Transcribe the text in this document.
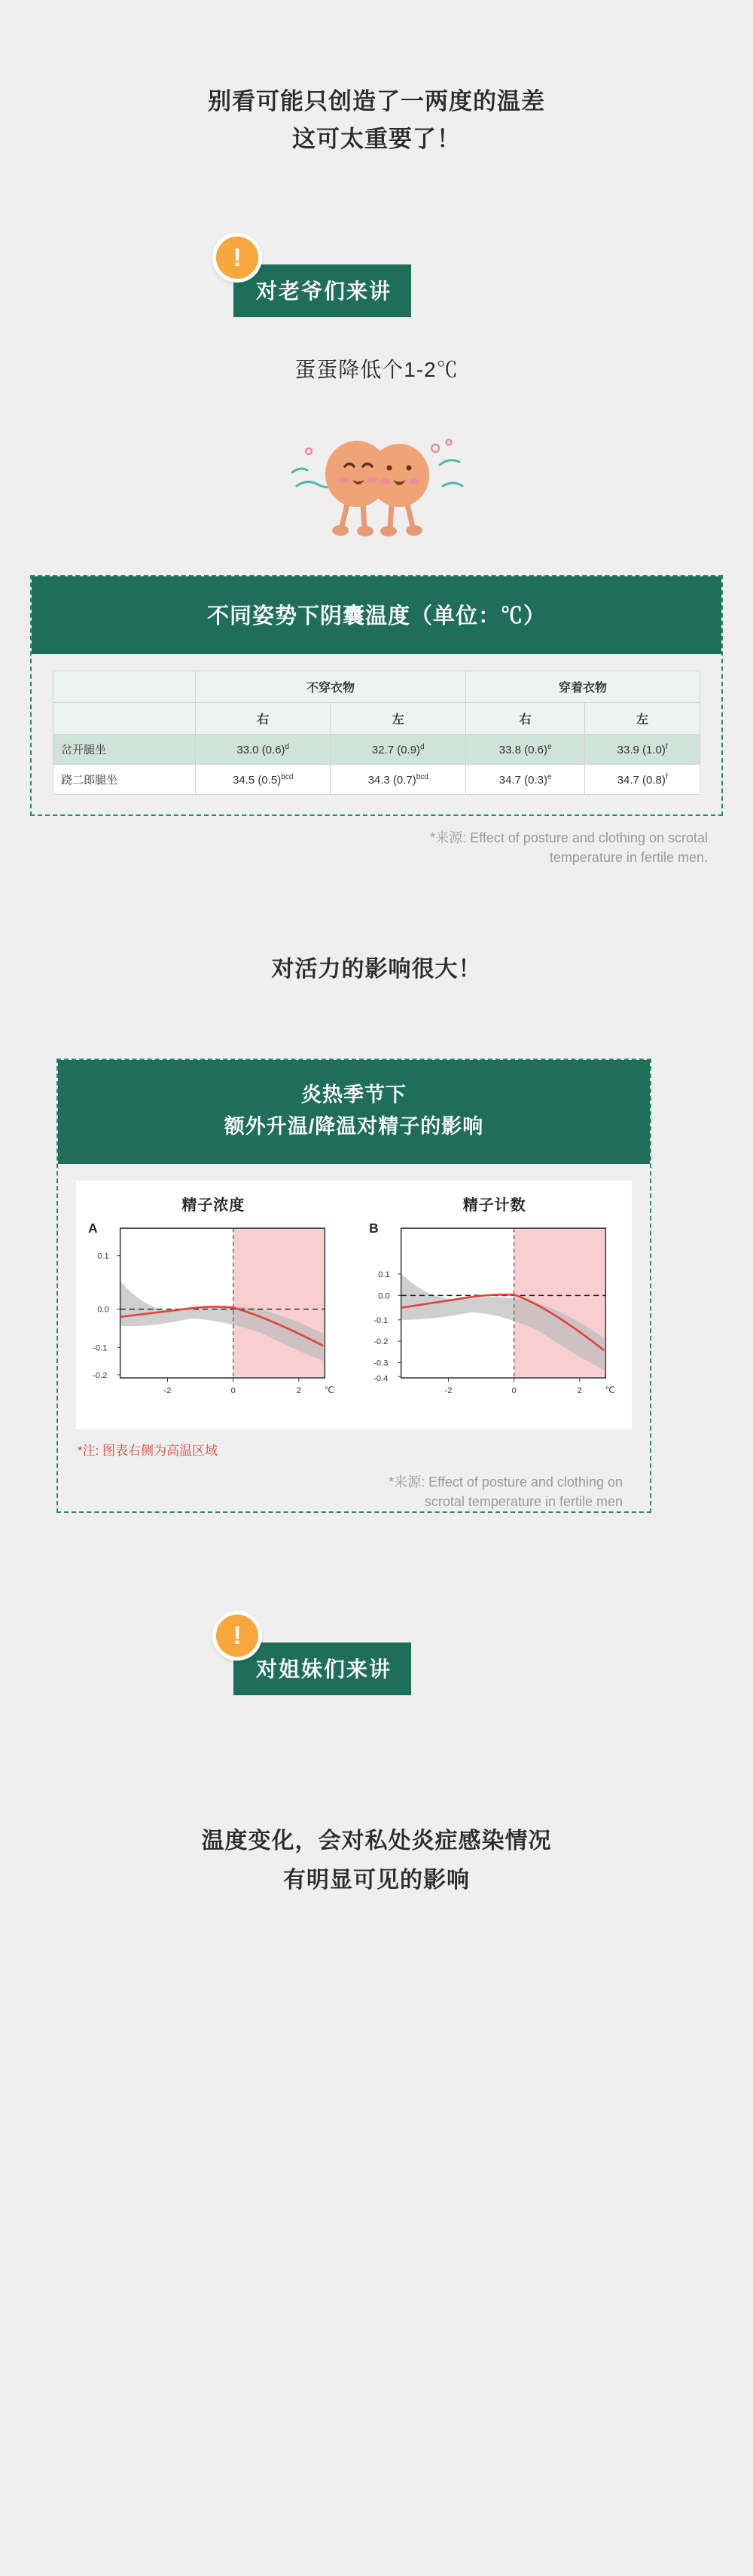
别看可能只创造了一两度的温差
这可太重要了！
!
对老爷们来讲
蛋蛋降低个1-2℃
不同姿势下阴囊温度（单位：℃）
	不穿衣物		穿着衣物	
	右	左	右	左
岔开腿坐	33.0 $(0.6)^d$	32.7 $(0.9)^d$	33.8 $(0.6)^e$	33.9 $(1.0)^f$
跷二郎腿坐	34.5 $(0.5)^{bcd}$	34.3 $(0.7)^{bcd}$	34.7 $(0.3)^e$	34.7 $(0.8)^f$
*来源: Effect of posture and clothing on scrotal
temperature in fertile men.
对活力的影响很大！
炎热季节下
额外升温/降温对精子的影响
精子浓度
A
0.1
0.0
-0.1
-0.2
-2	0	2	℃
精子计数
B
0.1
0.0
-0.1
-0.2
-0.3
-0.4
-2	0	2	℃
*注: 图表右侧为高温区域
*来源: Effect of posture and clothing on
scrotal temperature in fertile men
!
对姐妹们来讲
温度变化，会对私处炎症感染情况
有明显可见的影响
